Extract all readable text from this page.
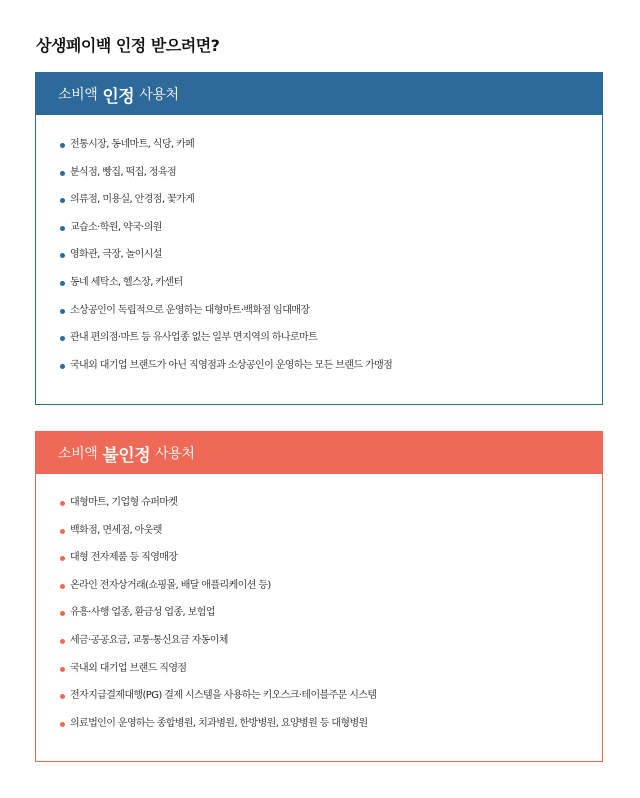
상생페이백 인정 받으려면?
소비액 인정 사용처
전통시장, 동네마트, 식당, 카페
분식점, 빵집, 떡집, 정육점
의류점, 미용실, 안경점, 꽃가게
교습소·학원, 약국·의원
영화관, 극장, 놀이시설
동네 세탁소, 헬스장, 카센터
소상공인이 독립적으로 운영하는 대형마트·백화점 임대매장
관내 편의점·마트 등 유사업종 없는 일부 면지역의 하나로마트
국내외 대기업 브랜드가 아닌 직영점과 소상공인이 운영하는 모든 브랜드 가맹점
소비액 불인정 사용처
대형마트, 기업형 슈퍼마켓
백화점, 면세점, 아웃렛
대형 전자제품 등 직영매장
온라인 전자상거래(쇼핑몰, 배달 애플리케이션 등)
유흥·사행 업종, 환금성 업종, 보험업
세금·공공요금, 교통·통신요금 자동이체
국내외 대기업 브랜드 직영점
전자지급결제대행(PG) 결제 시스템을 사용하는 키오스크·테이블주문 시스템
의료법인이 운영하는 종합병원, 치과병원, 한방병원, 요양병원 등 대형병원
